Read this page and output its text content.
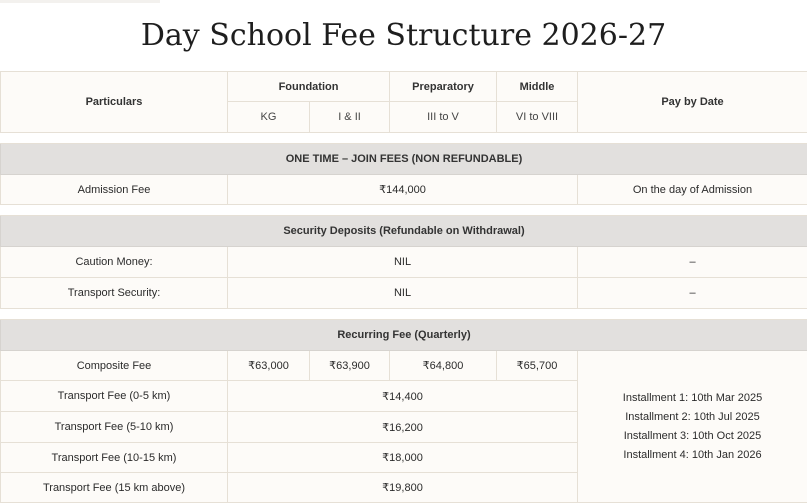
Day School Fee Structure 2026-27
Particulars	Foundation		Preparatory	Middle	Pay by Date
	KG	I & II	III to V	VI to VIII	

ONE TIME – JOIN FEES (NON REFUNDABLE)					
Admission Fee	₹144,000				On the day of Admission

Security Deposits (Refundable on Withdrawal)					
Caution Money:	NIL				–
Transport Security:	NIL				–

Recurring Fee (Quarterly)					
Composite Fee	₹63,000	₹63,900	₹64,800	₹65,700	Installment 1: 10th Mar 2025
Installment 2: 10th Jul 2025
Installment 3: 10th Oct 2025
Installment 4: 10th Jan 2026

Transport Fee (0-5 km)	₹14,400				
Transport Fee (5-10 km)	₹16,200				
Transport Fee (10-15 km)	₹18,000				
Transport Fee (15 km above)	₹19,800				
